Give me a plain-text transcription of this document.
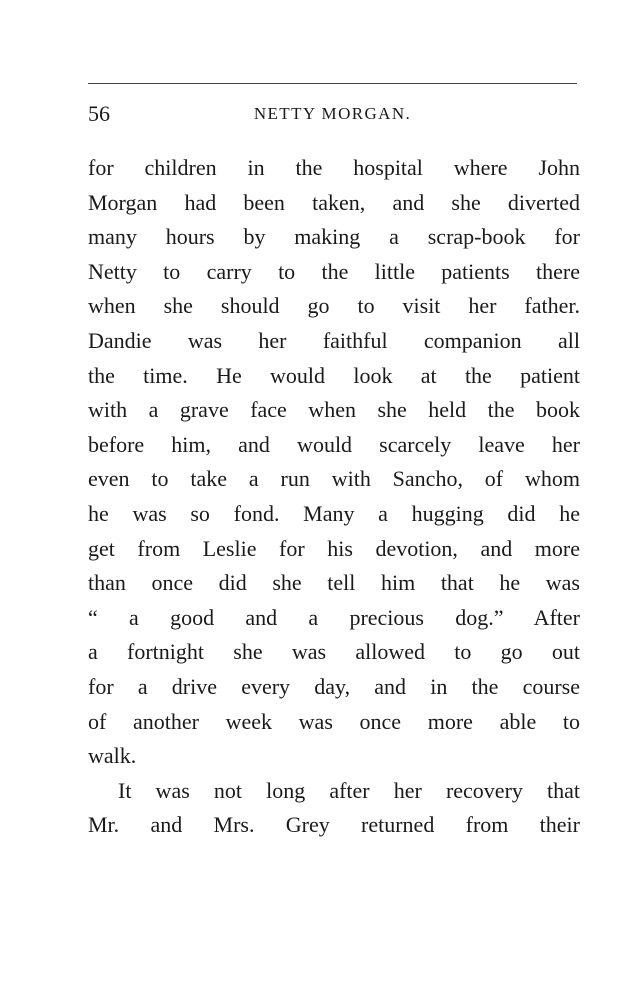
56	NETTY MORGAN.
for children in the hospital where John
Morgan had been taken, and she diverted
many hours by making a scrap-book for
Netty to carry to the little patients there
when she should go to visit her father.
Dandie was her faithful companion all
the time. He would look at the patient
with a grave face when she held the book
before him, and would scarcely leave her
even to take a run with Sancho, of whom
he was so fond. Many a hugging did he
get from Leslie for his devotion, and more
than once did she tell him that he was
“ a good and a precious dog.” After
a fortnight she was allowed to go out
for a drive every day, and in the course
of another week was once more able to
walk.
It was not long after her recovery that
Mr. and Mrs. Grey returned from their
